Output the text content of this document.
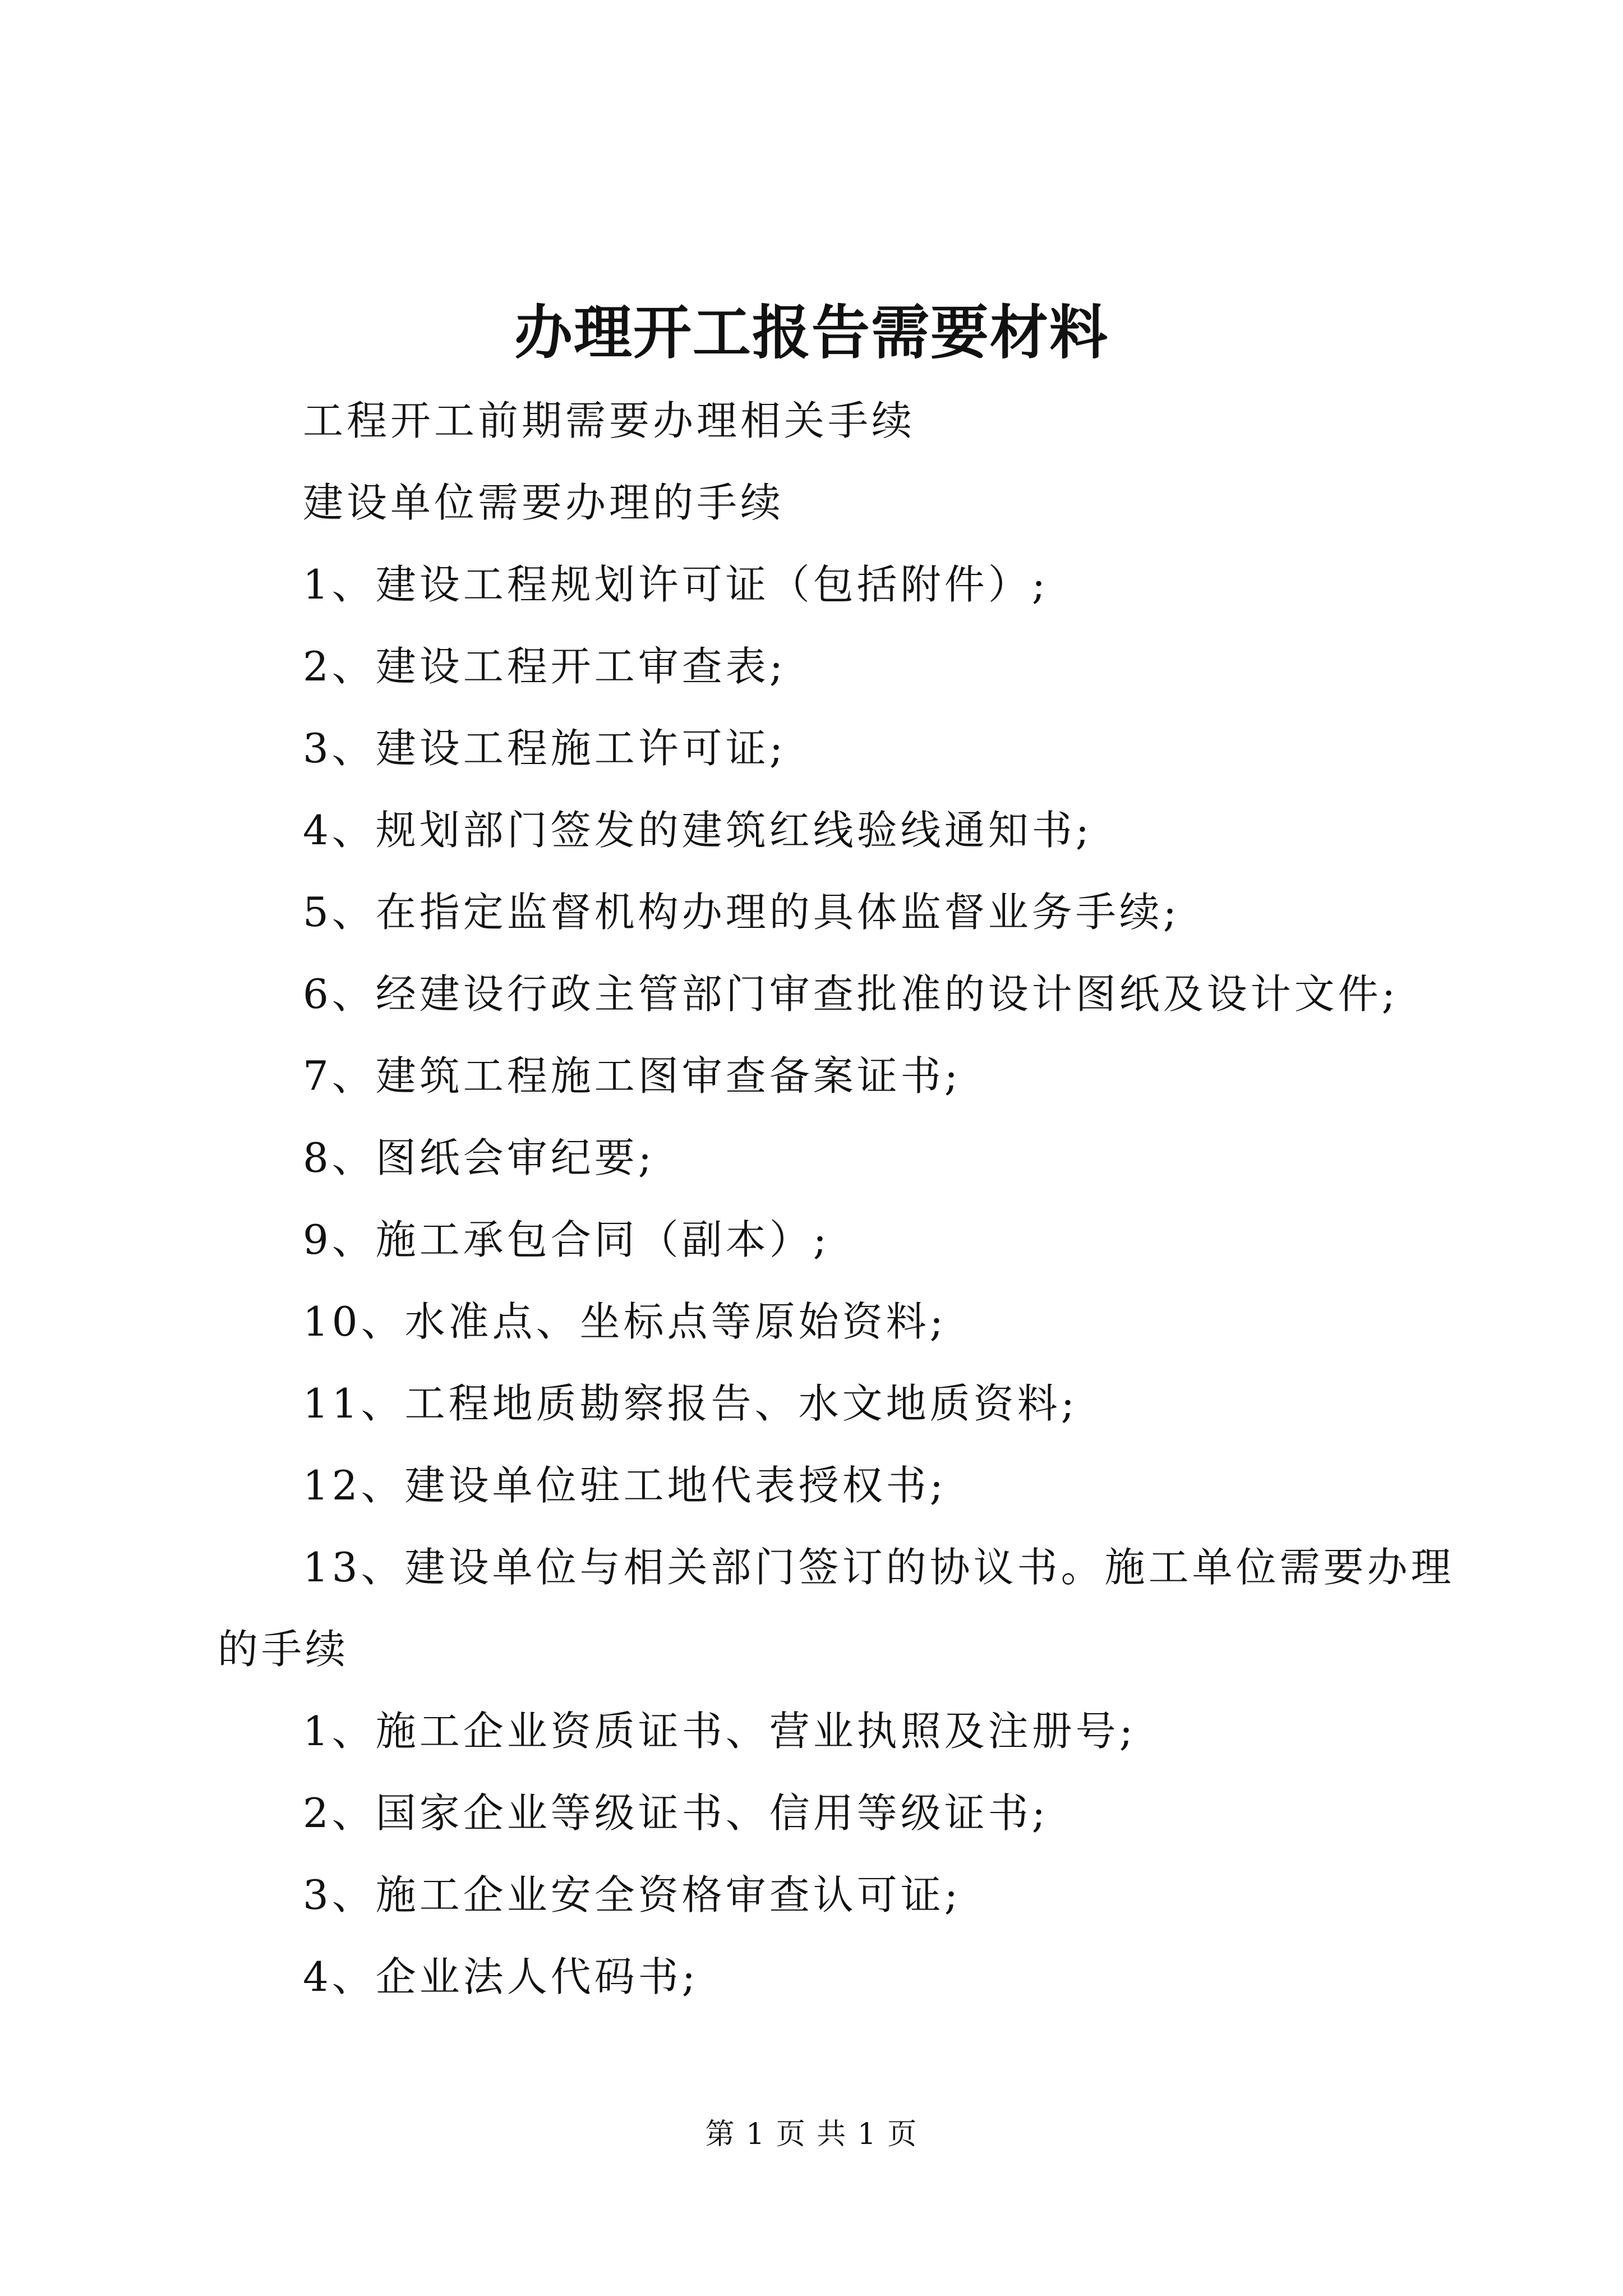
办理开工报告需要材料
工程开工前期需要办理相关手续
建设单位需要办理的手续
1、建设工程规划许可证（包括附件）;
2、建设工程开工审查表;
3、建设工程施工许可证;
4、规划部门签发的建筑红线验线通知书;
5、在指定监督机构办理的具体监督业务手续;
6、经建设行政主管部门审查批准的设计图纸及设计文件;
7、建筑工程施工图审查备案证书;
8、图纸会审纪要;
9、施工承包合同（副本）;
10、水准点、坐标点等原始资料;
11、工程地质勘察报告、水文地质资料;
12、建设单位驻工地代表授权书;
13、建设单位与相关部门签订的协议书。施工单位需要办理
的手续
1、施工企业资质证书、营业执照及注册号;
2、国家企业等级证书、信用等级证书;
3、施工企业安全资格审查认可证;
4、企业法人代码书;
第 1 页 共 1 页
